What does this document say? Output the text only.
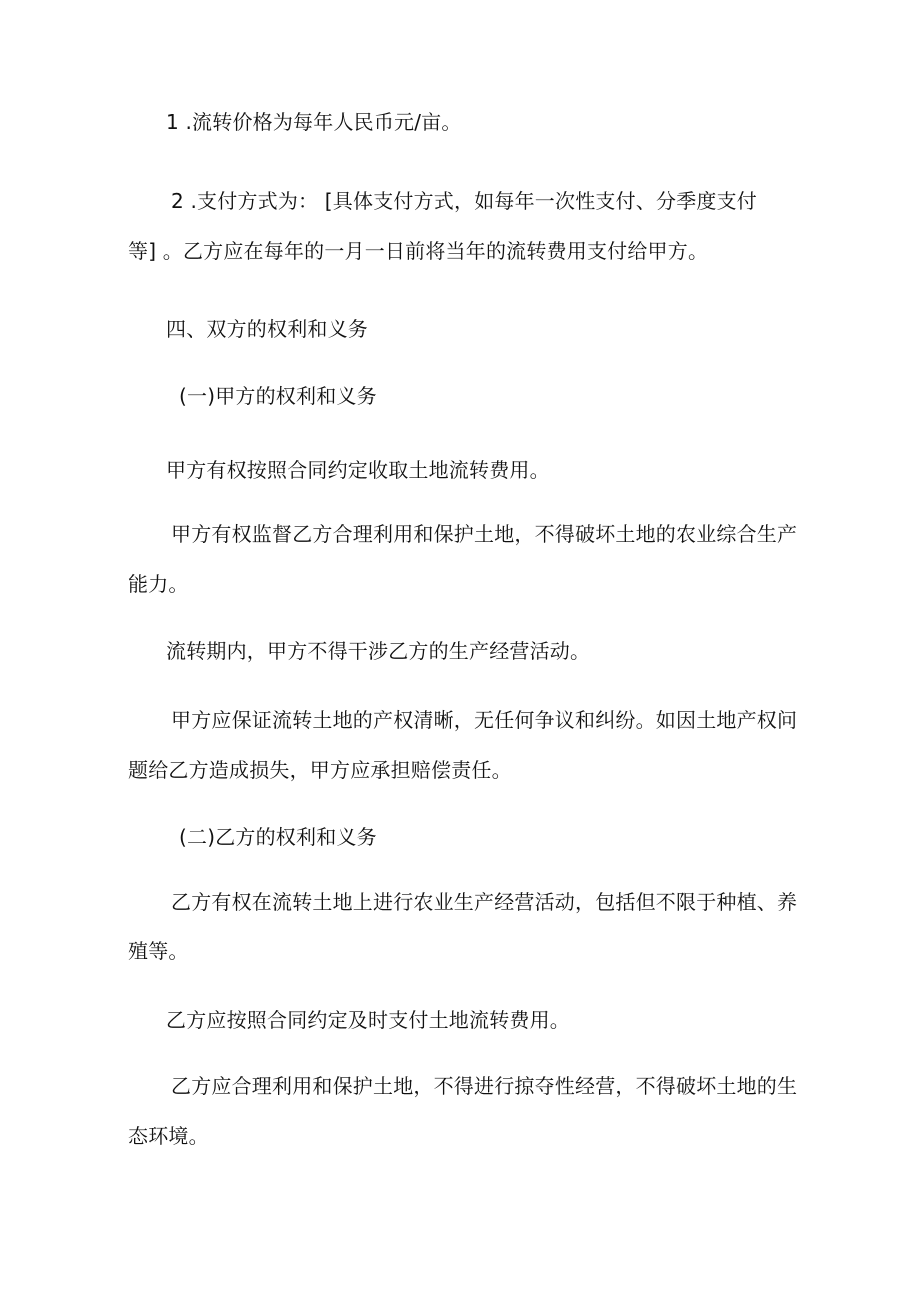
1 .流转价格为每年人民币元/亩。
2 .支付方式为： [具体支付方式，如每年一次性支付、分季度支付
等] 。乙方应在每年的一月一日前将当年的流转费用支付给甲方。
四、双方的权利和义务
(一)甲方的权利和义务
甲方有权按照合同约定收取土地流转费用。
甲方有权监督乙方合理利用和保护土地，不得破坏土地的农业综合生产
能力。
流转期内，甲方不得干涉乙方的生产经营活动。
甲方应保证流转土地的产权清晰，无任何争议和纠纷。如因土地产权问
题给乙方造成损失，甲方应承担赔偿责任。
(二)乙方的权利和义务
乙方有权在流转土地上进行农业生产经营活动，包括但不限于种植、养
殖等。
乙方应按照合同约定及时支付土地流转费用。
乙方应合理利用和保护土地，不得进行掠夺性经营，不得破坏土地的生
态环境。
